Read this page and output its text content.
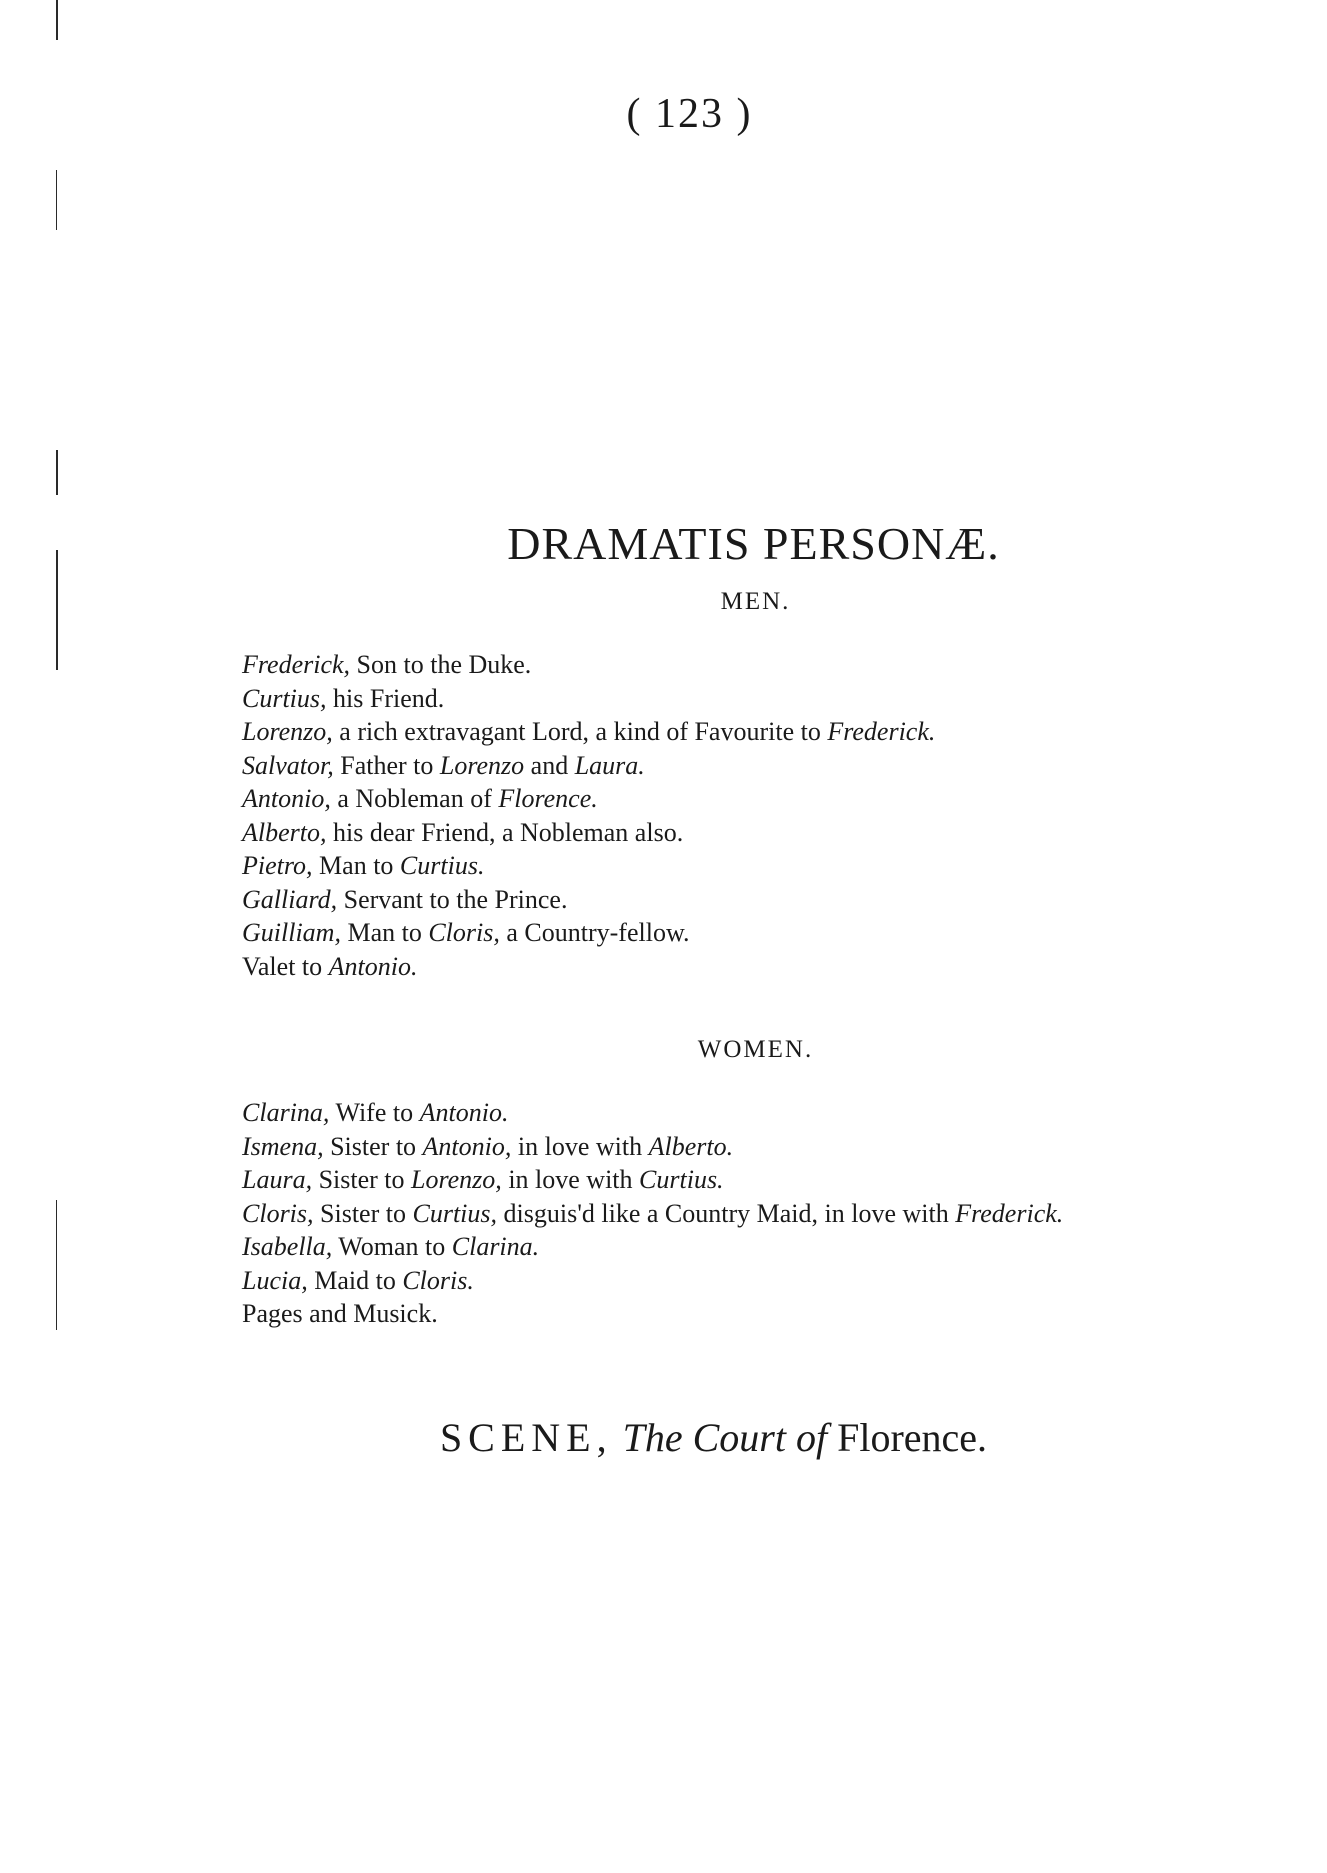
( 123 )
DRAMATIS PERSONÆ.
MEN.
Frederick, Son to the Duke.
Curtius, his Friend.
Lorenzo, a rich extravagant Lord, a kind of Favourite to Frederick.
Salvator, Father to Lorenzo and Laura.
Antonio, a Nobleman of Florence.
Alberto, his dear Friend, a Nobleman also.
Pietro, Man to Curtius.
Galliard, Servant to the Prince.
Guilliam, Man to Cloris, a Country-fellow.
Valet to Antonio.
WOMEN.
Clarina, Wife to Antonio.
Ismena, Sister to Antonio, in love with Alberto.
Laura, Sister to Lorenzo, in love with Curtius.
Cloris, Sister to Curtius, disguis'd like a Country Maid, in love with Frederick.
Isabella, Woman to Clarina.
Lucia, Maid to Cloris.
Pages and Musick.
SCENE, The Court of Florence.
